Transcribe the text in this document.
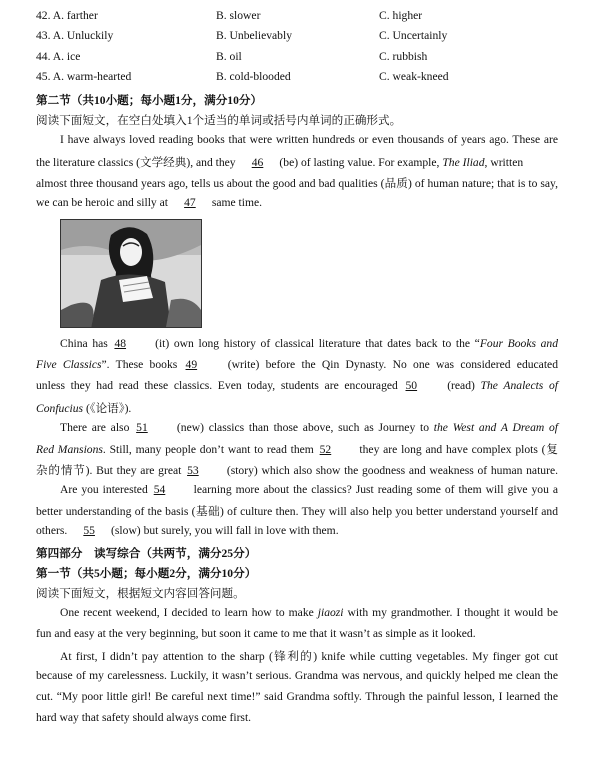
42. A. farther	B. slower	C. higher
43. A. Unluckily	B. Unbelievably	C. Uncertainly
44. A. ice	B. oil	C. rubbish
45. A. warm-hearted	B. cold-blooded	C. weak-kneed
第二节（共10小题；每小题1分，满分10分）
阅读下面短文，在空白处填入1个适当的单词或括号内单词的正确形式。
I have always loved reading books that were written hundreds or even thousands of years ago. These are
the literature classics (文学经典), and they 46 (be) of lasting value. For example, The Iliad, written
almost three thousand years ago, tells us about the good and bad qualities (品质) of human nature; that is to say,
we can be heroic and silly at 47 same time.
China has 48	(it) own long history of classical literature that dates back to the “Four Books and
Five Classics”. These books 49	(write) before the Qin Dynasty. No one was considered educated
unless they had read these classics. Even today, students are encouraged 50	(read) The Analects of
Confucius (《论语》).
There are also 51	(new) classics than those above, such as Journey to the West and A Dream of
Red Mansions. Still, many people don’t want to read them 52 they are long and have complex plots (复
杂的情节). But they are great 53 (story) which also show the goodness and weakness of human nature.
Are you interested 54 learning more about the classics? Just reading some of them will give you a
better understanding of the basis (基础) of culture then. They will also help you better understand yourself and
others. 55 (slow) but surely, you will fall in love with them.
第四部分　读写综合（共两节，满分25分）
第一节（共5小题；每小题2分，满分10分）
阅读下面短文，根据短文内容回答问题。
One recent weekend, I decided to learn how to make jiaozi with my grandmother. I thought it would be
fun and easy at the very beginning, but soon it came to me that it wasn’t as simple as it looked.
At first, I didn’t pay attention to the sharp (锋利的) knife while cutting vegetables. My finger got cut
because of my carelessness. Luckily, it wasn’t serious. Grandma was nervous, and quickly helped me clean the
cut. “My poor little girl! Be careful next time!” said Grandma softly. Through the painful lesson, I learned the
hard way that safety should always come first.
